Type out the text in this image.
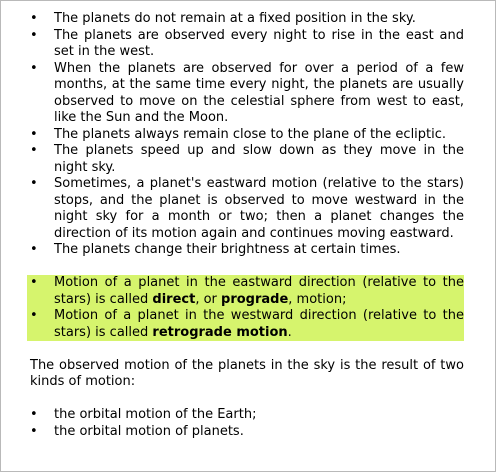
• The planets do not remain at a fixed position in the sky.
• The planets are observed every night to rise in the east and set in the west.
• When the planets are observed for over a period of a few months, at the same time every night, the planets are usually observed to move on the celestial sphere from west to east, like the Sun and the Moon.
• The planets always remain close to the plane of the ecliptic.
• The planets speed up and slow down as they move in the night sky.
• Sometimes, a planet's eastward motion (relative to the stars) stops, and the planet is observed to move westward in the night sky for a month or two; then a planet changes the direction of its motion again and continues moving eastward.
• The planets change their brightness at certain times.
• Motion of a planet in the eastward direction (relative to the stars) is called direct, or prograde, motion;
• Motion of a planet in the westward direction (relative to the stars) is called retrograde motion.
The observed motion of the planets in the sky is the result of two kinds of motion:
• the orbital motion of the Earth;
• the orbital motion of planets.
